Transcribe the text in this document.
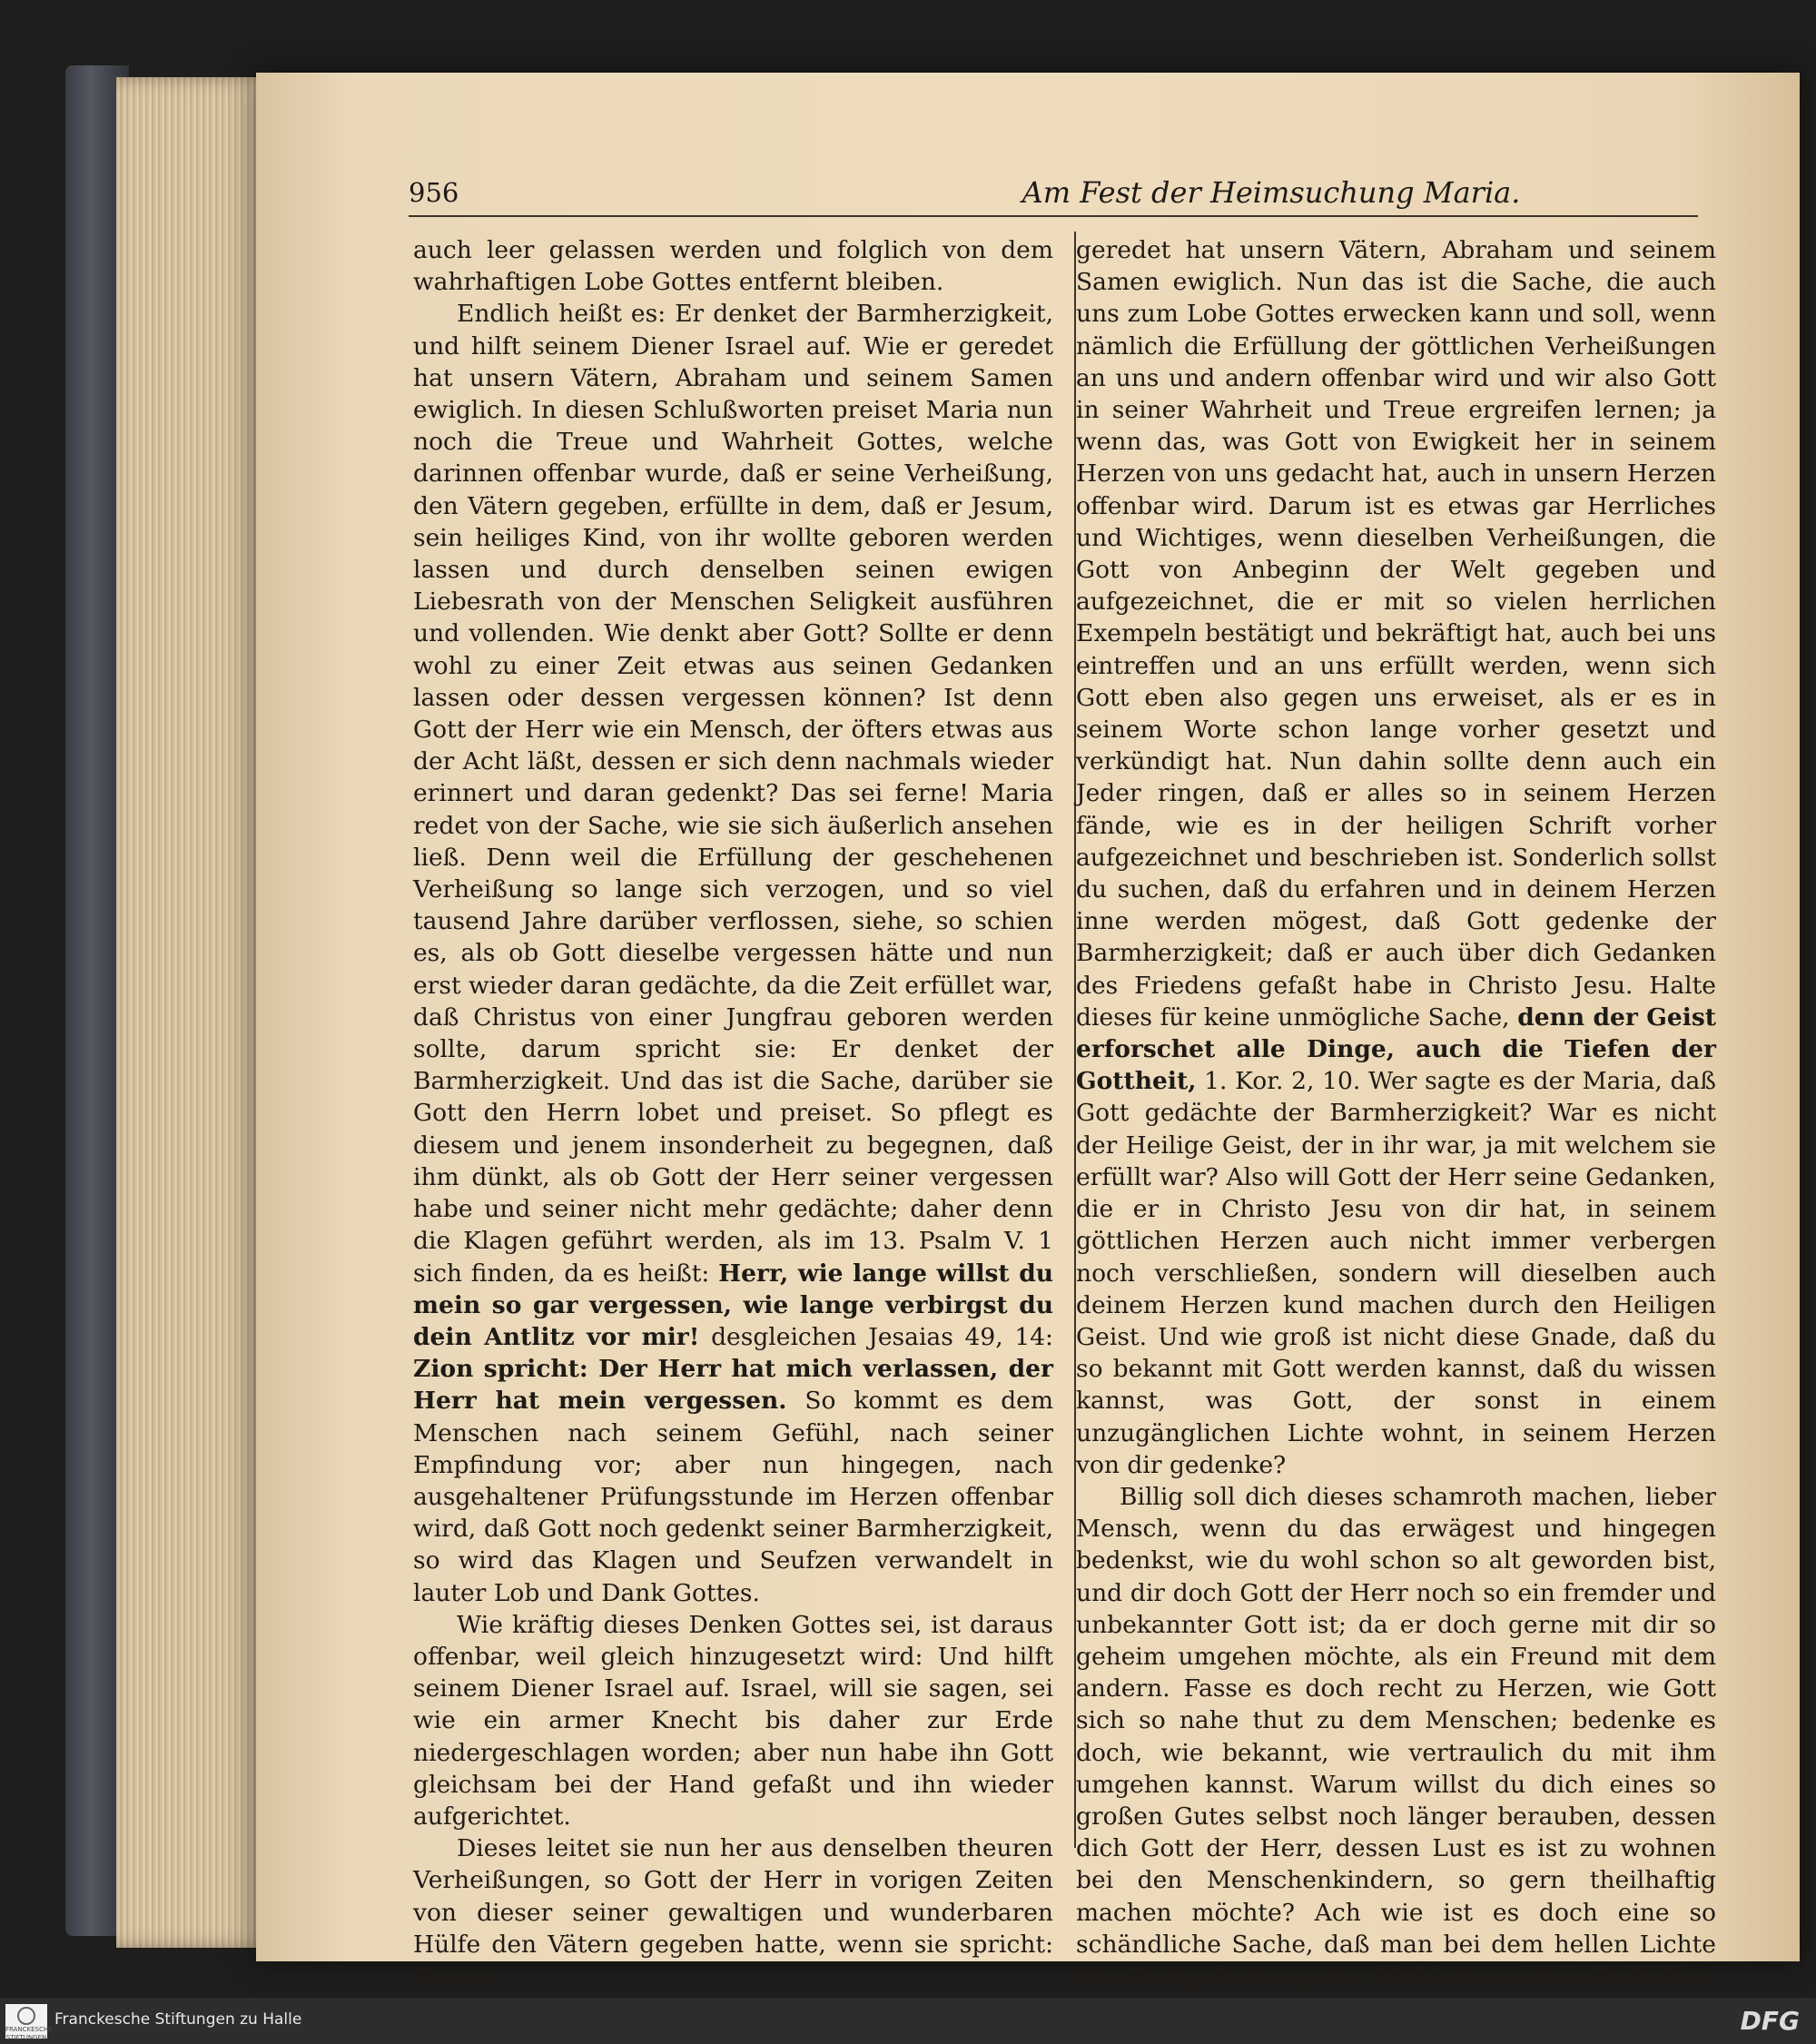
956	Am Fest der Heimsuchung Maria.

auch leer gelassen werden und folglich von dem wahrhaftigen Lobe Gottes entfernt bleiben.

Endlich heißt es: Er denket der Barmherzigkeit, und hilft seinem Diener Israel auf. Wie er geredet hat unsern Vätern, Abraham und seinem Samen ewiglich. In diesen Schlußworten preiset Maria nun noch die Treue und Wahrheit Gottes, welche darinnen offenbar wurde, daß er seine Verheißung, den Vätern gegeben, erfüllte in dem, daß er Jesum, sein heiliges Kind, von ihr wollte geboren werden lassen und durch denselben seinen ewigen Liebesrath von der Menschen Seligkeit ausführen und vollenden. Wie denkt aber Gott? Sollte er denn wohl zu einer Zeit etwas aus seinen Gedanken lassen oder dessen vergessen können? Ist denn Gott der Herr wie ein Mensch, der öfters etwas aus der Acht läßt, dessen er sich denn nachmals wieder erinnert und daran gedenkt? Das sei ferne! Maria redet von der Sache, wie sie sich äußerlich ansehen ließ. Denn weil die Erfüllung der geschehenen Verheißung so lange sich verzogen, und so viel tausend Jahre darüber verflossen, siehe, so schien es, als ob Gott dieselbe vergessen hätte und nun erst wieder daran gedächte, da die Zeit erfüllet war, daß Christus von einer Jungfrau geboren werden sollte, darum spricht sie: Er denket der Barmherzigkeit. Und das ist die Sache, darüber sie Gott den Herrn lobet und preiset. So pflegt es diesem und jenem insonderheit zu begegnen, daß ihm dünkt, als ob Gott der Herr seiner vergessen habe und seiner nicht mehr gedächte; daher denn die Klagen geführt werden, als im 13. Psalm V. 1 sich finden, da es heißt: Herr, wie lange willst du mein so gar vergessen, wie lange verbirgst du dein Antlitz vor mir! desgleichen Jesaias 49, 14: Zion spricht: Der Herr hat mich verlassen, der Herr hat mein vergessen. So kommt es dem Menschen nach seinem Gefühl, nach seiner Empfindung vor; aber nun hingegen, nach ausgehaltener Prüfungsstunde im Herzen offenbar wird, daß Gott noch gedenkt seiner Barmherzigkeit, so wird das Klagen und Seufzen verwandelt in lauter Lob und Dank Gottes.

Wie kräftig dieses Denken Gottes sei, ist daraus offenbar, weil gleich hinzugesetzt wird: Und hilft seinem Diener Israel auf. Israel, will sie sagen, sei wie ein armer Knecht bis daher zur Erde niedergeschlagen worden; aber nun habe ihn Gott gleichsam bei der Hand gefaßt und ihn wieder aufgerichtet.

Dieses leitet sie nun her aus denselben theuren Verheißungen, so Gott der Herr in vorigen Zeiten von dieser seiner gewaltigen und wunderbaren Hülfe den Vätern gegeben hatte, wenn sie spricht: Wie er

geredet hat unsern Vätern, Abraham und seinem Samen ewiglich. Nun das ist die Sache, die auch uns zum Lobe Gottes erwecken kann und soll, wenn nämlich die Erfüllung der göttlichen Verheißungen an uns und andern offenbar wird und wir also Gott in seiner Wahrheit und Treue ergreifen lernen; ja wenn das, was Gott von Ewigkeit her in seinem Herzen von uns gedacht hat, auch in unsern Herzen offenbar wird. Darum ist es etwas gar Herrliches und Wichtiges, wenn dieselben Verheißungen, die Gott von Anbeginn der Welt gegeben und aufgezeichnet, die er mit so vielen herrlichen Exempeln bestätigt und bekräftigt hat, auch bei uns eintreffen und an uns erfüllt werden, wenn sich Gott eben also gegen uns erweiset, als er es in seinem Worte schon lange vorher gesetzt und verkündigt hat. Nun dahin sollte denn auch ein Jeder ringen, daß er alles so in seinem Herzen fände, wie es in der heiligen Schrift vorher aufgezeichnet und beschrieben ist. Sonderlich sollst du suchen, daß du erfahren und in deinem Herzen inne werden mögest, daß Gott gedenke der Barmherzigkeit; daß er auch über dich Gedanken des Friedens gefaßt habe in Christo Jesu. Halte dieses für keine unmögliche Sache, denn der Geist erforschet alle Dinge, auch die Tiefen der Gottheit, 1. Kor. 2, 10. Wer sagte es der Maria, daß Gott gedächte der Barmherzigkeit? War es nicht der Heilige Geist, der in ihr war, ja mit welchem sie erfüllt war? Also will Gott der Herr seine Gedanken, die er in Christo Jesu von dir hat, in seinem göttlichen Herzen auch nicht immer verbergen noch verschließen, sondern will dieselben auch deinem Herzen kund machen durch den Heiligen Geist. Und wie groß ist nicht diese Gnade, daß du so bekannt mit Gott werden kannst, daß du wissen kannst, was Gott, der sonst in einem unzugänglichen Lichte wohnt, in seinem Herzen von dir gedenke?

Billig soll dich dieses schamroth machen, lieber Mensch, wenn du das erwägest und hingegen bedenkst, wie du wohl schon so alt geworden bist, und dir doch Gott der Herr noch so ein fremder und unbekannter Gott ist; da er doch gerne mit dir so geheim umgehen möchte, als ein Freund mit dem andern. Fasse es doch recht zu Herzen, wie Gott sich so nahe thut zu dem Menschen; bedenke es doch, wie bekannt, wie vertraulich du mit ihm umgehen kannst. Warum willst du dich eines so großen Gutes selbst noch länger berauben, dessen dich Gott der Herr, dessen Lust es ist zu wohnen bei den Menschenkindern, so gern theilhaftig machen möchte? Ach wie ist es doch eine so schändliche Sache, daß man bei dem hellen Lichte des Evangeliums es nur bloß bei einem äußerlichen

FRANCKESCHE STIFTUNGEN
Franckesche Stiftungen zu Halle	DFG
